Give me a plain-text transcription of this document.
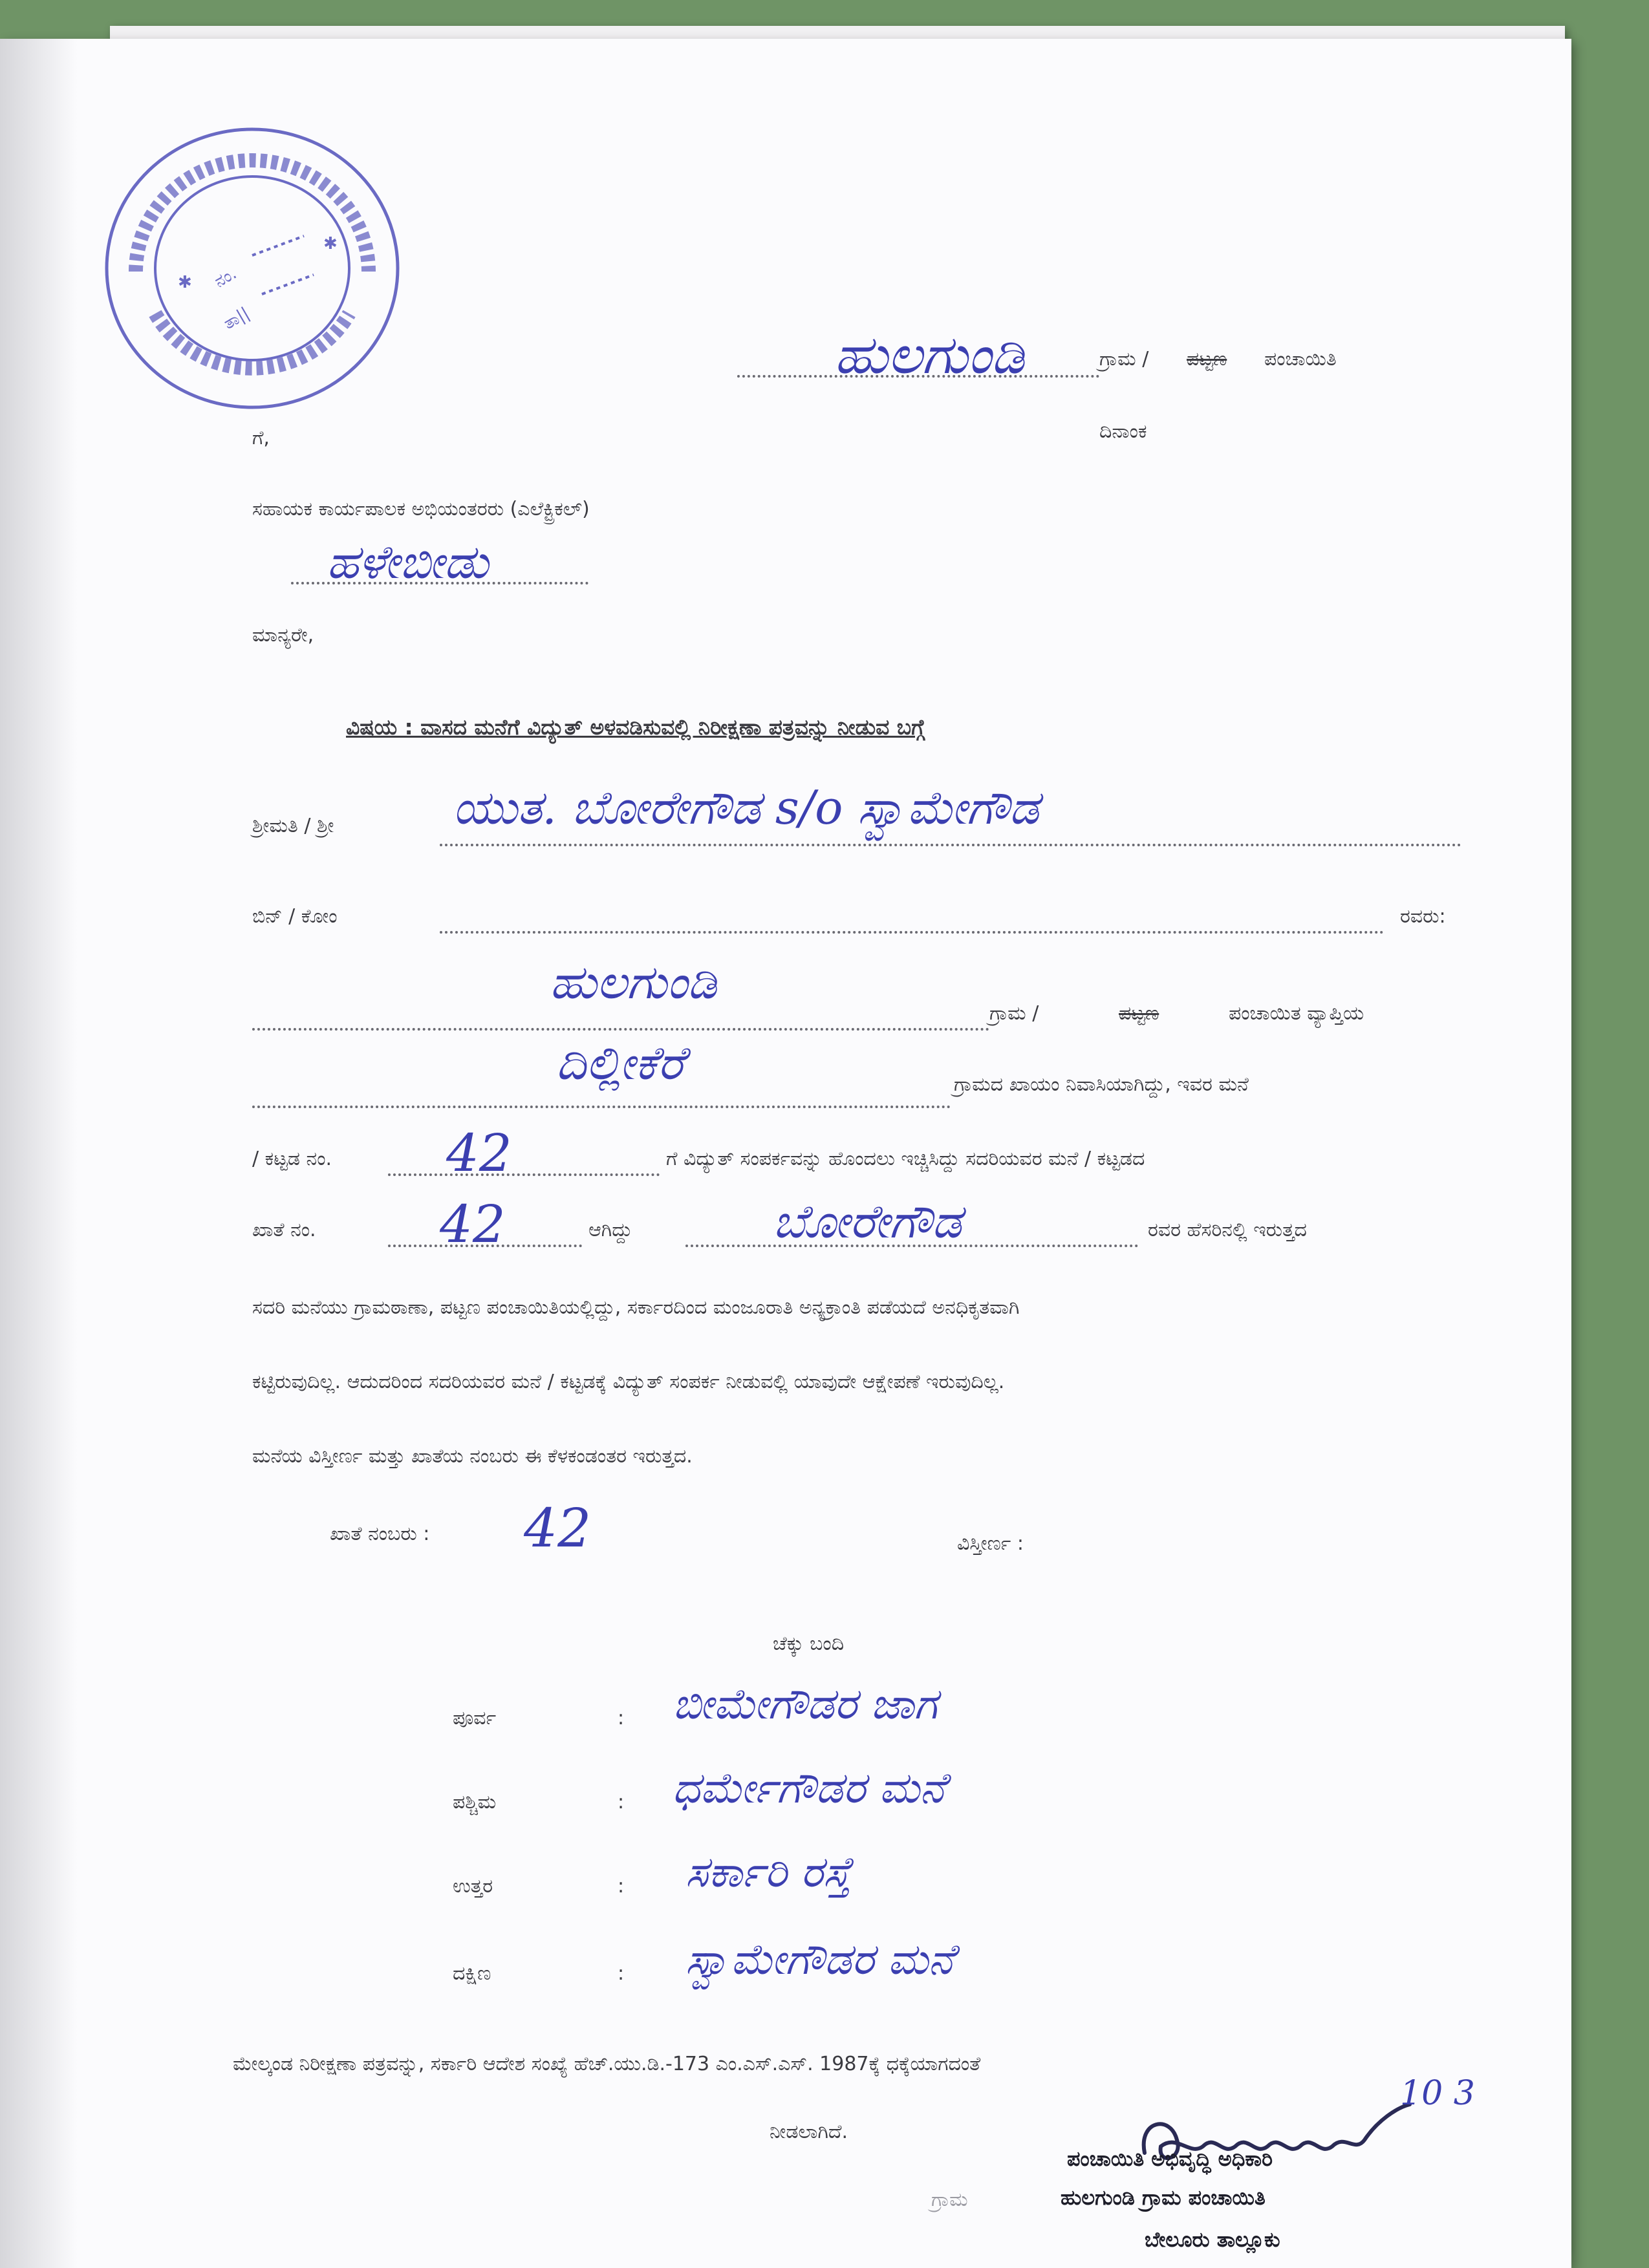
✱
✱
ನಂ.
ತಾ||
ಹುಲಗುಂಡಿ	ಗ್ರಾಮ / ಪಟ್ಟಣ ಪಂಚಾಯಿತಿ
ದಿನಾಂಕ
ಗೆ,
ಸಹಾಯಕ ಕಾರ್ಯಪಾಲಕ ಅಭಿಯಂತರರು (ಎಲೆಕ್ಟ್ರಿಕಲ್)
ಹಳೇಬೀಡು
ಮಾನ್ಯರೇ,
ವಿಷಯ : ವಾಸದ ಮನೆಗೆ ವಿದ್ಯುತ್ ಅಳವಡಿಸುವಲ್ಲಿ ನಿರೀಕ್ಷಣಾ ಪತ್ರವನ್ನು ನೀಡುವ ಬಗ್ಗೆ
ಶ್ರೀಮತಿ / ಶ್ರೀ	ಯುತ. ಬೋರೇಗೌಡ s/o ಸ್ವಾಮೇಗೌಡ
ಬಿನ್ / ಕೋಂ	ರವರು:
ಹುಲಗುಂಡಿ
ಗ್ರಾಮ /	ಪಟ್ಟಣ	ಪಂಚಾಯಿತ ವ್ಯಾಪ್ತಿಯ
ದಿಲ್ಲೀಕೆರೆ	ಗ್ರಾಮದ ಖಾಯಂ ನಿವಾಸಿಯಾಗಿದ್ದು, ಇವರ ಮನೆ
/ ಕಟ್ಟಡ ನಂ. 42	ಗೆ ವಿದ್ಯುತ್ ಸಂಪರ್ಕವನ್ನು ಹೊಂದಲು ಇಚ್ಚಿಸಿದ್ದು ಸದರಿಯವರ ಮನೆ / ಕಟ್ಟಡದ
ಖಾತೆ ನಂ. 42	ಆಗಿದ್ದು	ಬೋರೇಗೌಡ	ರವರ ಹೆಸರಿನಲ್ಲಿ ಇರುತ್ತದ
ಸದರಿ ಮನೆಯು ಗ್ರಾಮಠಾಣಾ, ಪಟ್ಟಣ ಪಂಚಾಯಿತಿಯಲ್ಲಿದ್ದು, ಸರ್ಕಾರದಿಂದ ಮಂಜೂರಾತಿ ಅನ್ಯಕ್ರಾಂತಿ ಪಡೆಯದೆ ಅನಧಿಕೃತವಾಗಿ
ಕಟ್ಟಿರುವುದಿಲ್ಲ. ಆದುದರಿಂದ ಸದರಿಯವರ ಮನೆ / ಕಟ್ಟಡಕ್ಕೆ ವಿದ್ಯುತ್ ಸಂಪರ್ಕ ನೀಡುವಲ್ಲಿ ಯಾವುದೇ ಆಕ್ಷೇಪಣೆ ಇರುವುದಿಲ್ಲ.
ಮನೆಯ ವಿಸ್ತೀರ್ಣ ಮತ್ತು ಖಾತೆಯ ನಂಬರು ಈ ಕೆಳಕಂಡಂತರ ಇರುತ್ತದ.
ಖಾತೆ ನಂಬರು : 42	ವಿಸ್ತೀರ್ಣ :
ಚೆಕ್ಕು ಬಂದಿ
ಪೂರ್ವ	: ಬೀಮೇಗೌಡರ ಜಾಗ
ಪಶ್ಚಿಮ	: ಧರ್ಮೇಗೌಡರ ಮನೆ
ಉತ್ತರ	: ಸರ್ಕಾರಿ ರಸ್ತೆ
ದಕ್ಷಿಣ	: ಸ್ವಾಮೇಗೌಡರ ಮನೆ
ಮೇಲ್ಕಂಡ ನಿರೀಕ್ಷಣಾ ಪತ್ರವನ್ನು, ಸರ್ಕಾರಿ ಆದೇಶ ಸಂಖ್ಯೆ ಹೆಚ್.ಯು.ಡಿ.-173 ಎಂ.ಎಸ್.ಎಸ್. 1987ಕ್ಕೆ ಧಕ್ಕೆಯಾಗದಂತೆ
ನೀಡಲಾಗಿದೆ.
10 3
ಗ್ರಾಮ
ಪಂಚಾಯಿತಿ ಅಭಿವೃದ್ಧಿ ಅಧಿಕಾರಿ
ಹುಲಗುಂಡಿ ಗ್ರಾಮ ಪಂಚಾಯಿತಿ
ಬೇಲೂರು ತಾಲ್ಲೂಕು
